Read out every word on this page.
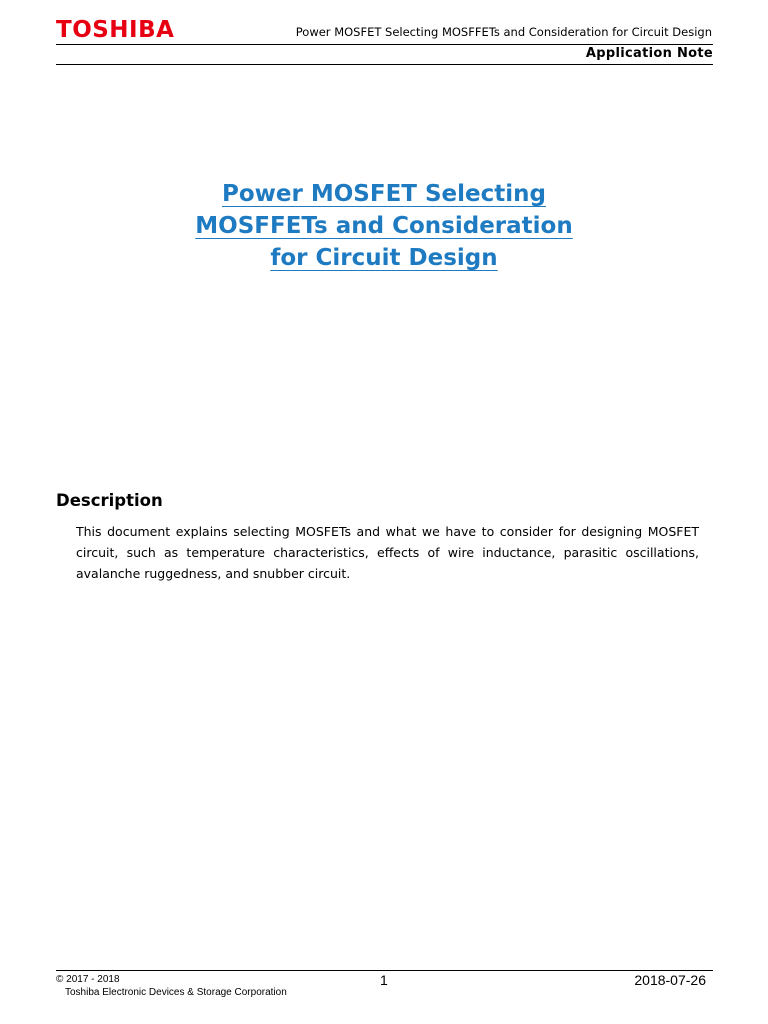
TOSHIBA	Power MOSFET Selecting MOSFFETs and Consideration for Circuit Design
Application Note
Power MOSFET Selecting
MOSFFETs and Consideration
for Circuit Design
Description
This document explains selecting MOSFETs and what we have to consider for designing MOSFET circuit, such as temperature characteristics, effects of wire inductance, parasitic oscillations, avalanche ruggedness, and snubber circuit.
© 2017 - 2018
Toshiba Electronic Devices & Storage Corporation
1	2018-07-26
